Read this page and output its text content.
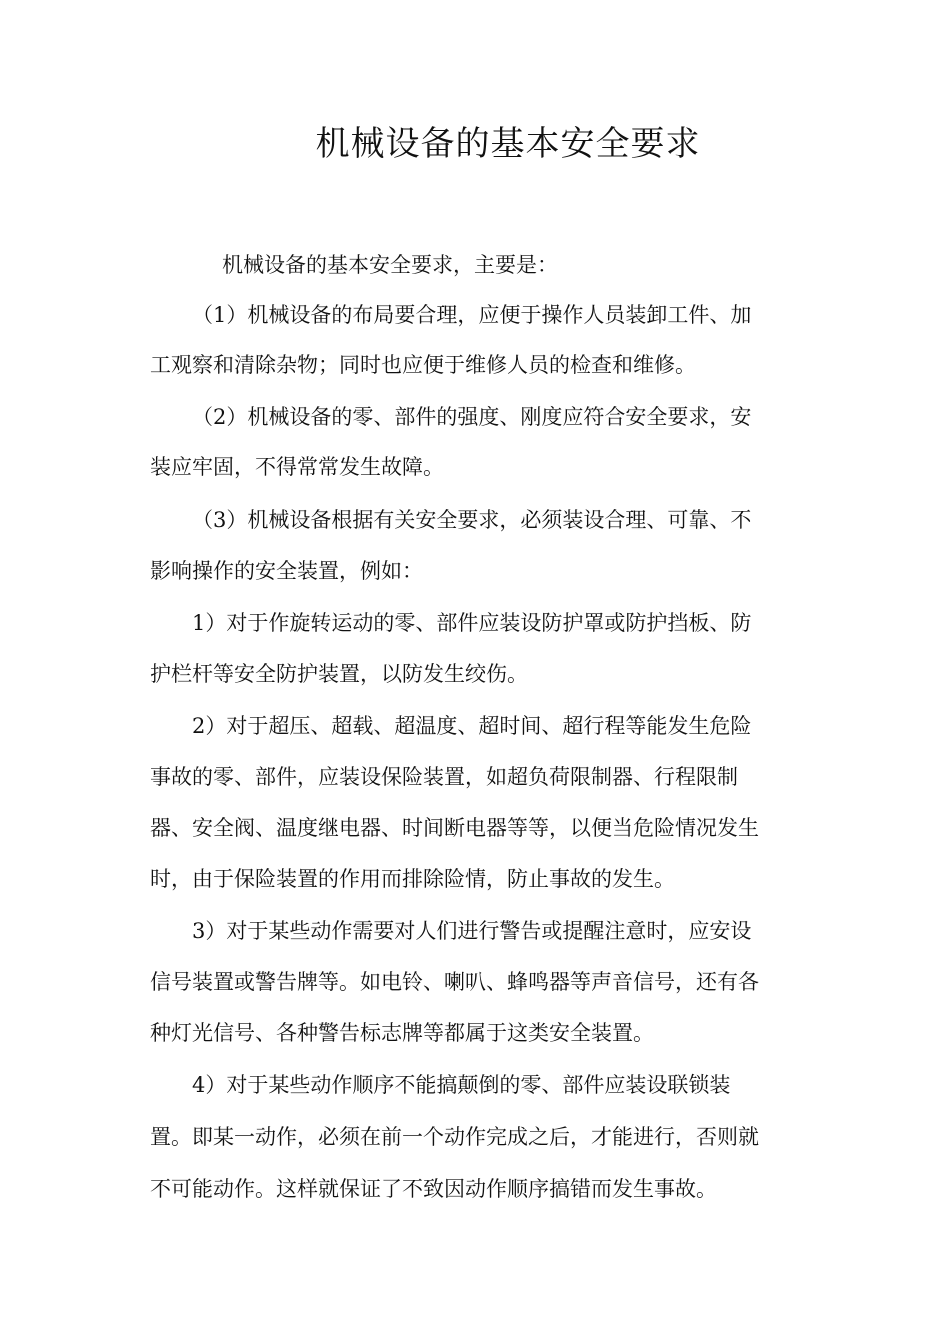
机械设备的基本安全要求
机械设备的基本安全要求，主要是：
（1）机械设备的布局要合理，应便于操作人员装卸工件、加
工观察和清除杂物；同时也应便于维修人员的检查和维修。
（2）机械设备的零、部件的强度、刚度应符合安全要求，安
装应牢固，不得常常发生故障。
（3）机械设备根据有关安全要求，必须装设合理、可靠、不
影响操作的安全装置，例如：
1）对于作旋转运动的零、部件应装设防护罩或防护挡板、防
护栏杆等安全防护装置，以防发生绞伤。
2）对于超压、超载、超温度、超时间、超行程等能发生危险
事故的零、部件，应装设保险装置，如超负荷限制器、行程限制
器、安全阀、温度继电器、时间断电器等等，以便当危险情况发生
时，由于保险装置的作用而排除险情，防止事故的发生。
3）对于某些动作需要对人们进行警告或提醒注意时，应安设
信号装置或警告牌等。如电铃、喇叭、蜂鸣器等声音信号，还有各
种灯光信号、各种警告标志牌等都属于这类安全装置。
4）对于某些动作顺序不能搞颠倒的零、部件应装设联锁装
置。即某一动作，必须在前一个动作完成之后，才能进行，否则就
不可能动作。这样就保证了不致因动作顺序搞错而发生事故。
